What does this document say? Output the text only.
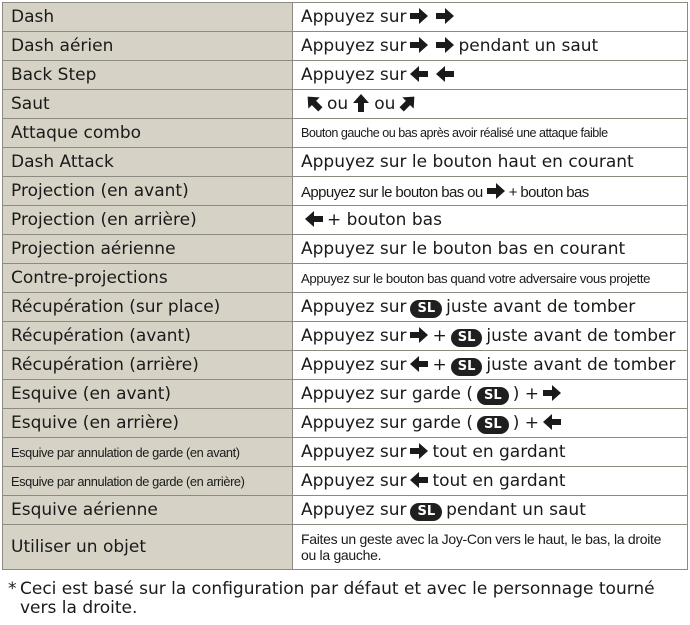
Dash	Appuyez sur

Dash aérien	Appuyez sur pendant un saut
Back Step	Appuyez sur

Saut	ou ou

Attaque combo	Bouton gauche ou bas après avoir réalisé une attaque faible
Dash Attack	Appuyez sur le bouton haut en courant
Projection (en avant)	Appuyez sur le bouton bas ou + bouton bas
Projection (en arrière)	+ bouton bas
Projection aérienne	Appuyez sur le bouton bas en courant
Contre-projections	Appuyez sur le bouton bas quand votre adversaire vous projette
Récupération (sur place)	Appuyez sur SL juste avant de tomber
Récupération (avant)	Appuyez sur + SL juste avant de tomber
Récupération (arrière)	Appuyez sur + SL juste avant de tomber
Esquive (en avant)	Appuyez sur garde ( SL ) +

Esquive (en arrière)	Appuyez sur garde ( SL ) +

Esquive par annulation de garde (en avant)	Appuyez sur tout en gardant
Esquive par annulation de garde (en arrière)	Appuyez sur tout en gardant
Esquive aérienne	Appuyez sur SL pendant un saut
Utiliser un objet	Faites un geste avec la Joy-Con vers le haut, le bas, la droite ou la gauche.
* Ceci est basé sur la configuration par défaut et avec le personnage tourné vers la droite.
